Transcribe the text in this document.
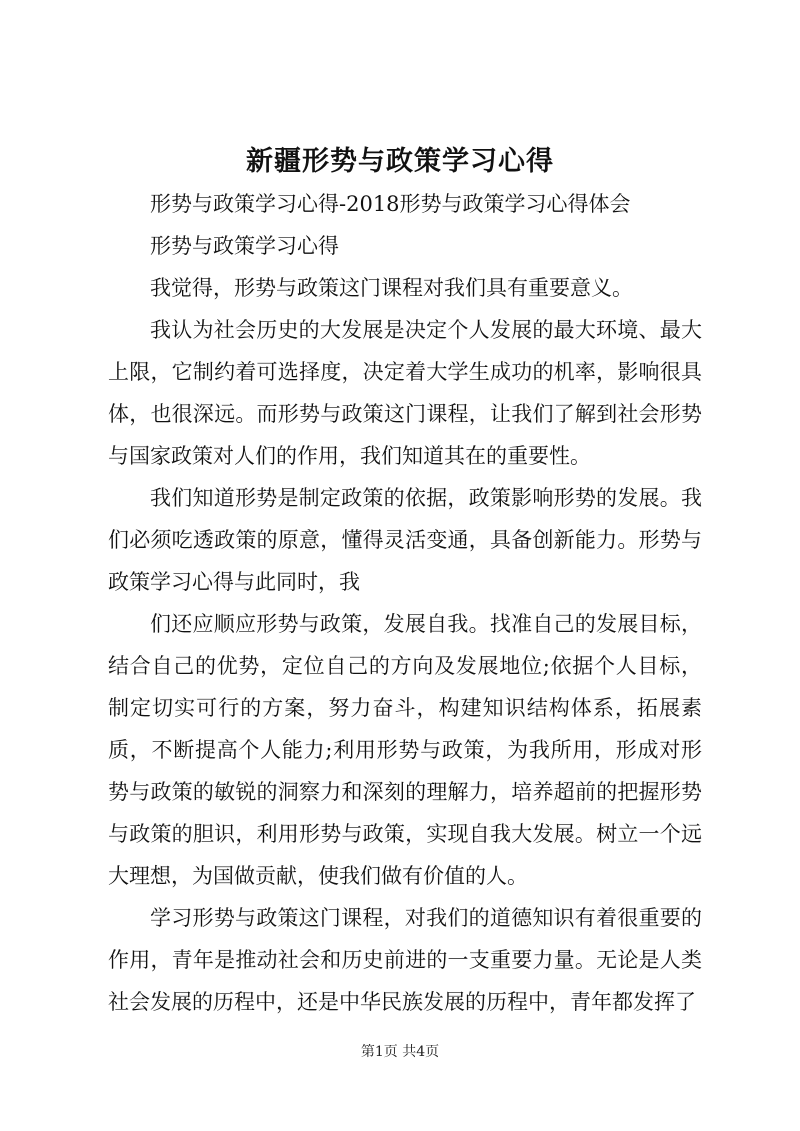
新疆形势与政策学习心得

形势与政策学习心得-2018形势与政策学习心得体会

形势与政策学习心得

我觉得，形势与政策这门课程对我们具有重要意义。

我认为社会历史的大发展是决定个人发展的最大环境、最大上限，它制约着可选择度，决定着大学生成功的机率，影响很具体，也很深远。而形势与政策这门课程，让我们了解到社会形势与国家政策对人们的作用，我们知道其在的重要性。

我们知道形势是制定政策的依据，政策影响形势的发展。我们必须吃透政策的原意，懂得灵活变通，具备创新能力。形势与政策学习心得与此同时，我

们还应顺应形势与政策，发展自我。找准自己的发展目标，结合自己的优势，定位自己的方向及发展地位;依据个人目标，制定切实可行的方案，努力奋斗，构建知识结构体系，拓展素质，不断提高个人能力;利用形势与政策，为我所用，形成对形势与政策的敏锐的洞察力和深刻的理解力，培养超前的把握形势与政策的胆识，利用形势与政策，实现自我大发展。树立一个远大理想，为国做贡献，使我们做有价值的人。

学习形势与政策这门课程，对我们的道德知识有着很重要的作用，青年是推动社会和历史前进的一支重要力量。无论是人类社会发展的历程中，还是中华民族发展的历程中，青年都发挥了

第1页 共4页
